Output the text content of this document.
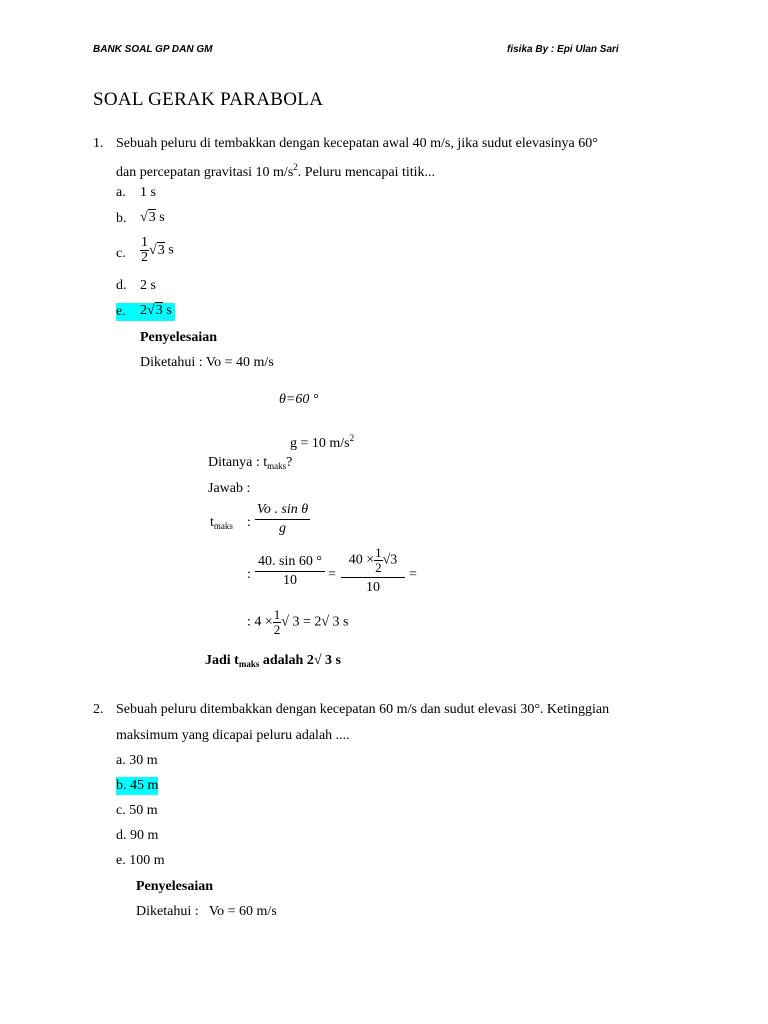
BANK SOAL GP DAN GM	fisika By : Epi Ulan Sari
SOAL GERAK PARABOLA
1. Sebuah peluru di tembakkan dengan kecepatan awal 40 m/s, jika sudut elevasinya 60°
dan percepatan gravitasi 10 $m/s^2$. Peluru mencapai titik...
a. 1 s
b. √3 s
c. $\frac{1}{2} √3$ s
d. 2 s
e. 2√3 s
Penyelesaian
Diketahui : Vo = 40 m/s
θ=60 °
g = 10 $m/s^2$
Ditanya : $t_{maks}$?
Jawab :
$t_{maks}$ : $\frac{\text{Vo . sin θ}}{g}$
: $\frac{40. \sin 60 ^\circ}{10} = \frac{40 \times \frac{1}{2} √3}{10}$ =
: $4 \times \frac{1}{2}$ √ 3 = 2√ 3 s
Jadi $t_{maks}$ adalah 2√ 3 s
2. Sebuah peluru ditembakkan dengan kecepatan 60 m/s dan sudut elevasi 30°. Ketinggian
maksimum yang dicapai peluru adalah ....
a. 30 m
b. 45 m
c. 50 m
d. 90 m
e. 100 m
Penyelesaian
Diketahui :   Vo = 60 m/s
